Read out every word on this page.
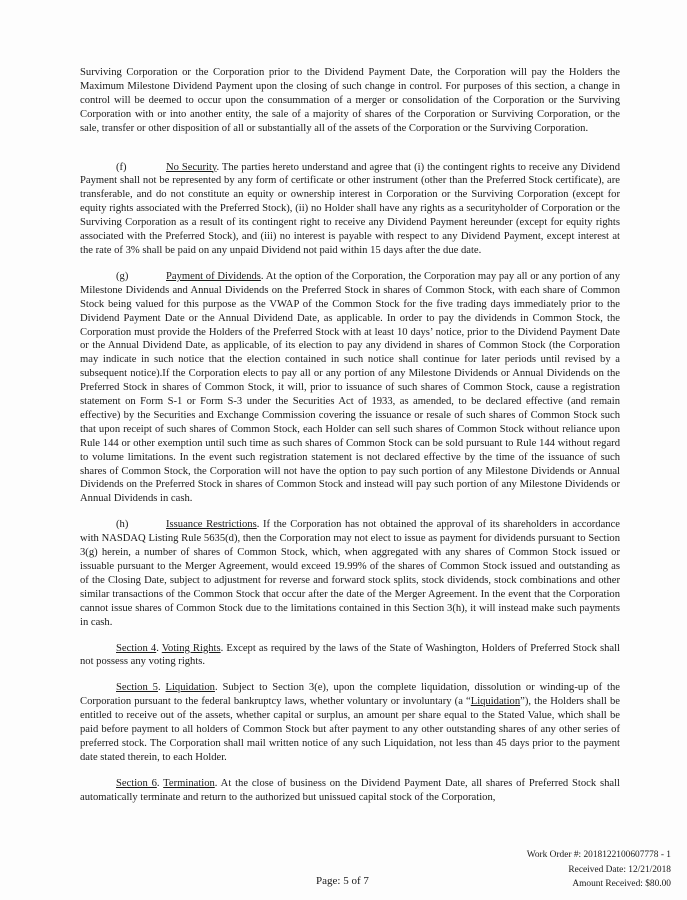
Surviving Corporation or the Corporation prior to the Dividend Payment Date, the Corporation will pay the Holders the Maximum Milestone Dividend Payment upon the closing of such change in control. For purposes of this section, a change in control will be deemed to occur upon the consummation of a merger or consolidation of the Corporation or the Surviving Corporation with or into another entity, the sale of a majority of shares of the Corporation or Surviving Corporation, or the sale, transfer or other disposition of all or substantially all of the assets of the Corporation or the Surviving Corporation.

(f)	No Security. The parties hereto understand and agree that (i) the contingent rights to receive any Dividend Payment shall not be represented by any form of certificate or other instrument (other than the Preferred Stock certificate), are transferable, and do not constitute an equity or ownership interest in Corporation or the Surviving Corporation (except for equity rights associated with the Preferred Stock), (ii) no Holder shall have any rights as a securityholder of Corporation or the Surviving Corporation as a result of its contingent right to receive any Dividend Payment hereunder (except for equity rights associated with the Preferred Stock), and (iii) no interest is payable with respect to any Dividend Payment, except interest at the rate of 3% shall be paid on any unpaid Dividend not paid within 15 days after the due date.

(g)	Payment of Dividends. At the option of the Corporation, the Corporation may pay all or any portion of any Milestone Dividends and Annual Dividends on the Preferred Stock in shares of Common Stock, with each share of Common Stock being valued for this purpose as the VWAP of the Common Stock for the five trading days immediately prior to the Dividend Payment Date or the Annual Dividend Date, as applicable. In order to pay the dividends in Common Stock, the Corporation must provide the Holders of the Preferred Stock with at least 10 days’ notice, prior to the Dividend Payment Date or the Annual Dividend Date, as applicable, of its election to pay any dividend in shares of Common Stock (the Corporation may indicate in such notice that the election contained in such notice shall continue for later periods until revised by a subsequent notice).If the Corporation elects to pay all or any portion of any Milestone Dividends or Annual Dividends on the Preferred Stock in shares of Common Stock, it will, prior to issuance of such shares of Common Stock, cause a registration statement on Form S-1 or Form S-3 under the Securities Act of 1933, as amended, to be declared effective (and remain effective) by the Securities and Exchange Commission covering the issuance or resale of such shares of Common Stock such that upon receipt of such shares of Common Stock, each Holder can sell such shares of Common Stock without reliance upon Rule 144 or other exemption until such time as such shares of Common Stock can be sold pursuant to Rule 144 without regard to volume limitations. In the event such registration statement is not declared effective by the time of the issuance of such shares of Common Stock, the Corporation will not have the option to pay such portion of any Milestone Dividends or Annual Dividends on the Preferred Stock in shares of Common Stock and instead will pay such portion of any Milestone Dividends or Annual Dividends in cash.

(h)	Issuance Restrictions. If the Corporation has not obtained the approval of its shareholders in accordance with NASDAQ Listing Rule 5635(d), then the Corporation may not elect to issue as payment for dividends pursuant to Section 3(g) herein, a number of shares of Common Stock, which, when aggregated with any shares of Common Stock issued or issuable pursuant to the Merger Agreement, would exceed 19.99% of the shares of Common Stock issued and outstanding as of the Closing Date, subject to adjustment for reverse and forward stock splits, stock dividends, stock combinations and other similar transactions of the Common Stock that occur after the date of the Merger Agreement. In the event that the Corporation cannot issue shares of Common Stock due to the limitations contained in this Section 3(h), it will instead make such payments in cash.

Section 4. Voting Rights. Except as required by the laws of the State of Washington, Holders of Preferred Stock shall not possess any voting rights.

Section 5. Liquidation. Subject to Section 3(e), upon the complete liquidation, dissolution or winding-up of the Corporation pursuant to the federal bankruptcy laws, whether voluntary or involuntary (a “Liquidation”), the Holders shall be entitled to receive out of the assets, whether capital or surplus, an amount per share equal to the Stated Value, which shall be paid before payment to all holders of Common Stock but after payment to any other outstanding shares of any other series of preferred stock. The Corporation shall mail written notice of any such Liquidation, not less than 45 days prior to the payment date stated therein, to each Holder.

Section 6. Termination. At the close of business on the Dividend Payment Date, all shares of Preferred Stock shall automatically terminate and return to the authorized but unissued capital stock of the Corporation,

Page: 5 of 7
Work Order #: 2018122100607778 - 1
Received Date: 12/21/2018
Amount Received: $80.00
